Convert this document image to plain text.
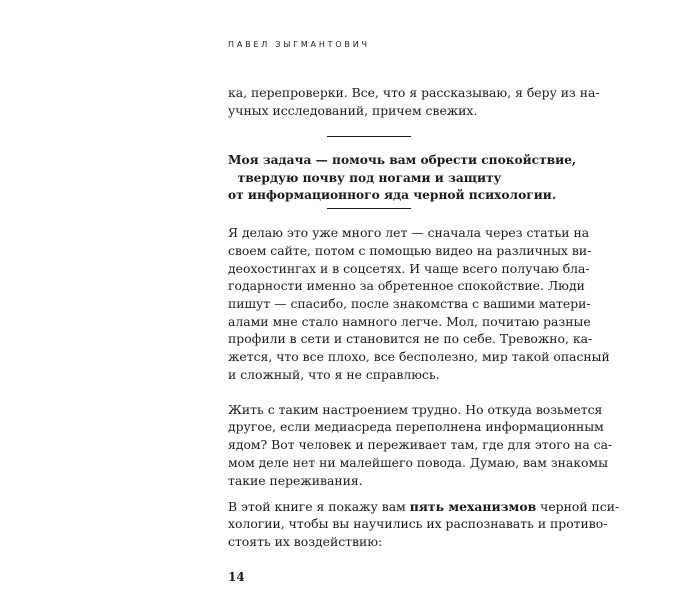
ПАВЕЛ ЗЫГМАНТОВИЧ
ка, перепроверки. Все, что я рассказываю, я беру из на-
учных исследований, причем свежих.
Моя задача — помочь вам обрести спокойствие,
твердую почву под ногами и защиту
от информационного яда черной психологии.
Я делаю это уже много лет — сначала через статьи на
своем сайте, потом с помощью видео на различных ви-
деохостингах и в соцсетях. И чаще всего получаю бла-
годарности именно за обретенное спокойствие. Люди
пишут — спасибо, после знакомства с вашими матери-
алами мне стало намного легче. Мол, почитаю разные
профили в сети и становится не по себе. Тревожно, ка-
жется, что все плохо, все бесполезно, мир такой опасный
и сложный, что я не справлюсь.
Жить с таким настроением трудно. Но откуда возьмется
другое, если медиасреда переполнена информационным
ядом? Вот человек и переживает там, где для этого на са-
мом деле нет ни малейшего повода. Думаю, вам знакомы
такие переживания.
В этой книге я покажу вам пять механизмов черной пси-
хологии, чтобы вы научились их распознавать и противо-
стоять их воздействию:
14
